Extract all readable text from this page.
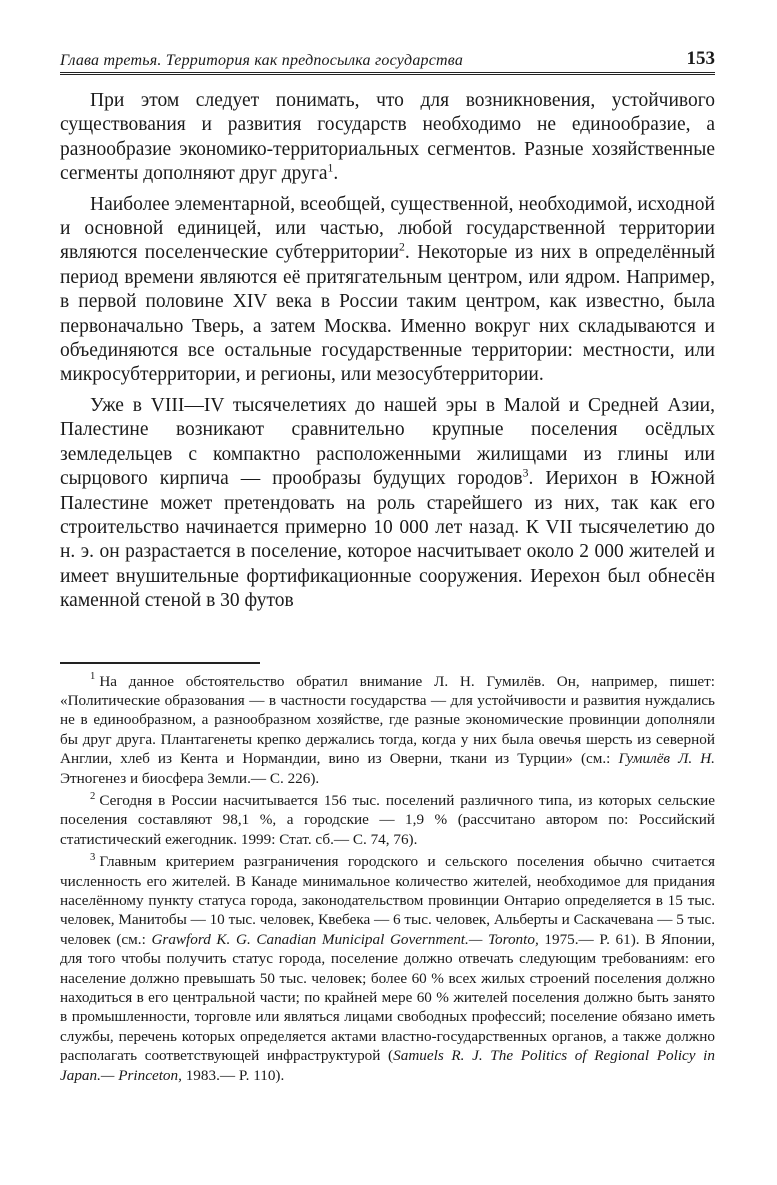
Глава третья. Территория как предпосылка государства	153

При этом следует понимать, что для возникновения, устойчивого существования и развития государств необходимо не единообразие, а разнообразие экономико-территориальных сегментов. Разные хозяйственные сегменты дополняют друг друга$^1$.

Наиболее элементарной, всеобщей, существенной, необходимой, исходной и основной единицей, или частью, любой государственной территории являются поселенческие субтерритории$^2$. Некоторые из них в определённый период времени являются её притягательным центром, или ядром. Например, в первой половине XIV века в России таким центром, как известно, была первоначально Тверь, а затем Москва. Именно вокруг них складываются и объединяются все остальные государственные территории: местности, или микросубтерритории, и регионы, или мезосубтерритории.

Уже в VIII—IV тысячелетиях до нашей эры в Малой и Средней Азии, Палестине возникают сравнительно крупные поселения осёдлых земледельцев с компактно расположенными жилищами из глины или сырцового кирпича — прообразы будущих городов$^3$. Иерихон в Южной Палестине может претендовать на роль старейшего из них, так как его строительство начинается примерно 10 000 лет назад. К VII тысячелетию до н. э. он разрастается в поселение, которое насчитывает около 2 000 жителей и имеет внушительные фортификационные сооружения. Иерехон был обнесён каменной стеной в 30 футов

$^1$ На данное обстоятельство обратил внимание Л. Н. Гумилёв. Он, например, пишет: «Политические образования — в частности государства — для устойчивости и развития нуждались не в единообразном, а разнообразном хозяйстве, где разные экономические провинции дополняли бы друг друга. Плантагенеты крепко держались тогда, когда у них была овечья шерсть из северной Англии, хлеб из Кента и Нормандии, вино из Оверни, ткани из Турции» (см.: Гумилёв Л. Н. Этногенез и биосфера Земли.— С. 226).

$^2$ Сегодня в России насчитывается 156 тыс. поселений различного типа, из которых сельские поселения составляют 98,1 %, а городские — 1,9 % (рассчитано автором по: Российский статистический ежегодник. 1999: Стат. сб.— С. 74, 76).

$^3$ Главным критерием разграничения городского и сельского поселения обычно считается численность его жителей. В Канаде минимальное количество жителей, необходимое для придания населённому пункту статуса города, законодательством провинции Онтарио определяется в 15 тыс. человек, Манитобы — 10 тыс. человек, Квебека — 6 тыс. человек, Альберты и Саскачевана — 5 тыс. человек (см.: Grawford K. G. Canadian Municipal Government.— Toronto, 1975.— P. 61). В Японии, для того чтобы получить статус города, поселение должно отвечать следующим требованиям: его население должно превышать 50 тыс. человек; более 60 % всех жилых строений поселения должно находиться в его центральной части; по крайней мере 60 % жителей поселения должно быть занято в промышленности, торговле или являться лицами свободных профессий; поселение обязано иметь службы, перечень которых определяется актами властно-государственных органов, а также должно располагать соответствующей инфраструктурой (Samuels R. J. The Politics of Regional Policy in Japan.— Princeton, 1983.— P. 110).
